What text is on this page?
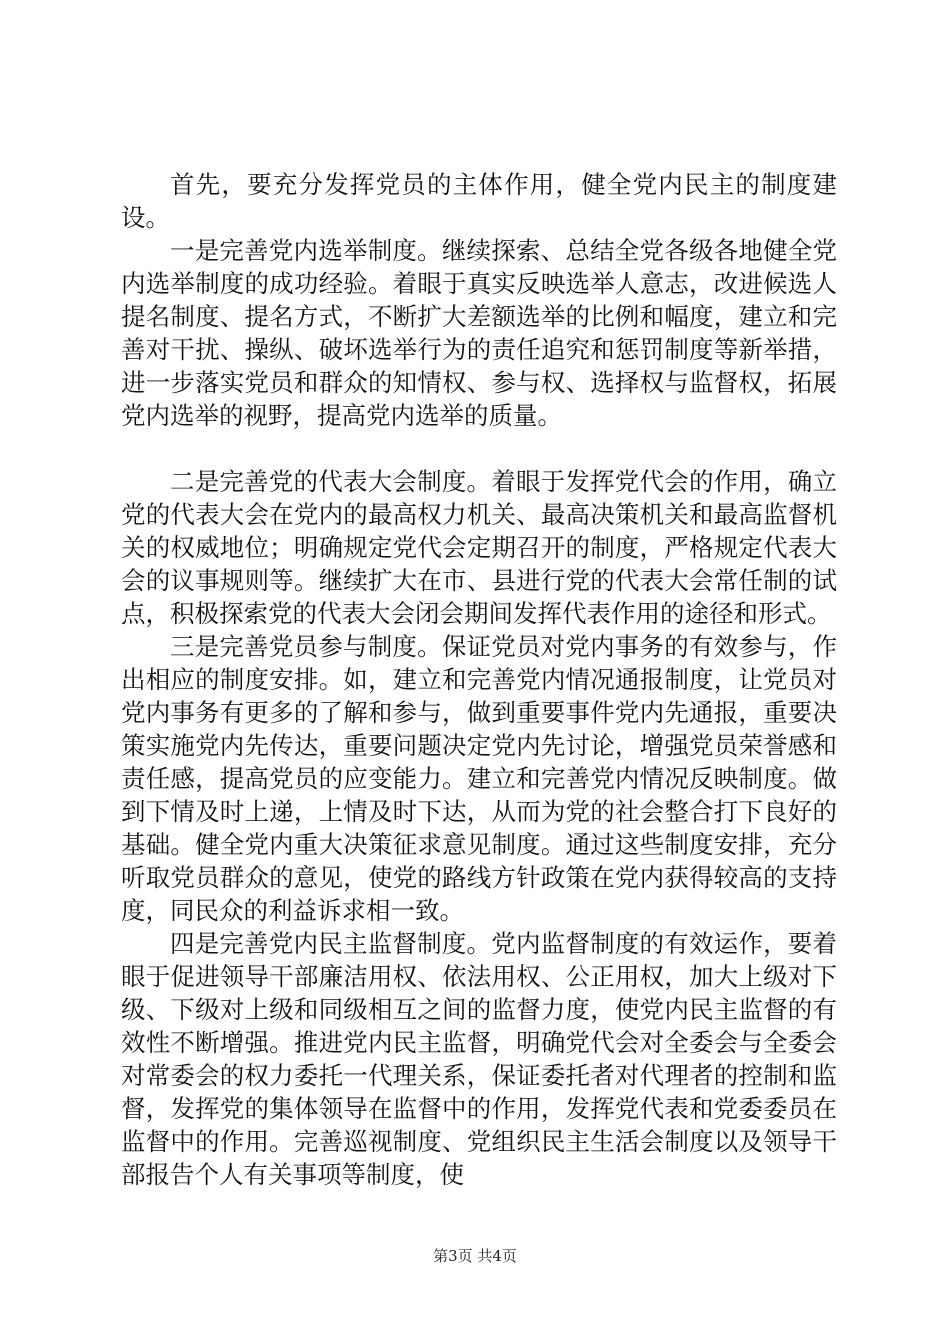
首先，要充分发挥党员的主体作用，健全党内民主的制度建设。

一是完善党内选举制度。继续探索、总结全党各级各地健全党内选举制度的成功经验。着眼于真实反映选举人意志，改进候选人提名制度、提名方式，不断扩大差额选举的比例和幅度，建立和完善对干扰、操纵、破坏选举行为的责任追究和惩罚制度等新举措，进一步落实党员和群众的知情权、参与权、选择权与监督权，拓展党内选举的视野，提高党内选举的质量。

二是完善党的代表大会制度。着眼于发挥党代会的作用，确立党的代表大会在党内的最高权力机关、最高决策机关和最高监督机关的权威地位；明确规定党代会定期召开的制度，严格规定代表大会的议事规则等。继续扩大在市、县进行党的代表大会常任制的试点，积极探索党的代表大会闭会期间发挥代表作用的途径和形式。

三是完善党员参与制度。保证党员对党内事务的有效参与，作出相应的制度安排。如，建立和完善党内情况通报制度，让党员对党内事务有更多的了解和参与，做到重要事件党内先通报，重要决策实施党内先传达，重要问题决定党内先讨论，增强党员荣誉感和责任感，提高党员的应变能力。建立和完善党内情况反映制度。做到下情及时上递，上情及时下达，从而为党的社会整合打下良好的基础。健全党内重大决策征求意见制度。通过这些制度安排，充分听取党员群众的意见，使党的路线方针政策在党内获得较高的支持度，同民众的利益诉求相一致。

四是完善党内民主监督制度。党内监督制度的有效运作，要着眼于促进领导干部廉洁用权、依法用权、公正用权，加大上级对下级、下级对上级和同级相互之间的监督力度，使党内民主监督的有效性不断增强。推进党内民主监督，明确党代会对全委会与全委会对常委会的权力委托一代理关系，保证委托者对代理者的控制和监督，发挥党的集体领导在监督中的作用，发挥党代表和党委委员在监督中的作用。完善巡视制度、党组织民主生活会制度以及领导干部报告个人有关事项等制度，使

第3页 共4页
